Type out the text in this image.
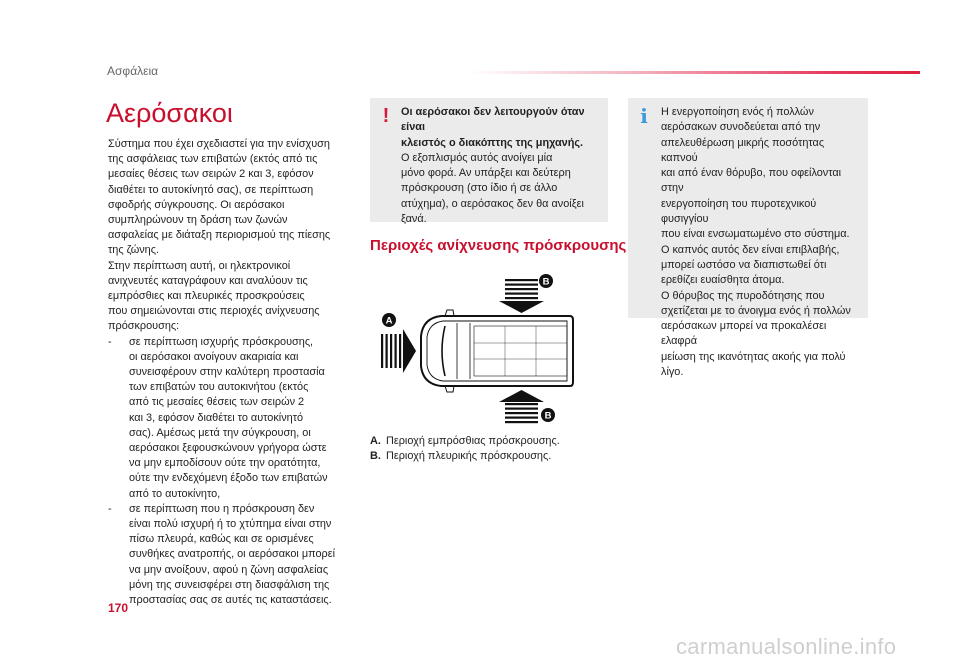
Ασφάλεια
Αερόσακοι

Σύστημα που έχει σχεδιαστεί για την ενίσχυση
της ασφάλειας των επιβατών (εκτός από τις
μεσαίες θέσεις των σειρών 2 και 3, εφόσον
διαθέτει το αυτοκίνητό σας), σε περίπτωση
σφοδρής σύγκρουσης. Οι αερόσακοι
συμπληρώνουν τη δράση των ζωνών
ασφαλείας με διάταξη περιορισμού της πίεσης
της ζώνης.
Στην περίπτωση αυτή, οι ηλεκτρονικοί
ανιχνευτές καταγράφουν και αναλύουν τις
εμπρόσθιες και πλευρικές προσκρούσεις
που σημειώνονται στις περιοχές ανίχνευσης
πρόσκρουσης:

- σε περίπτωση ισχυρής πρόσκρουσης,
οι αερόσακοι ανοίγουν ακαριαία και
συνεισφέρουν στην καλύτερη προστασία
των επιβατών του αυτοκινήτου (εκτός
από τις μεσαίες θέσεις των σειρών 2
και 3, εφόσον διαθέτει το αυτοκίνητό
σας). Αμέσως μετά την σύγκρουση, οι
αερόσακοι ξεφουσκώνουν γρήγορα ώστε
να μην εμποδίσουν ούτε την ορατότητα,
ούτε την ενδεχόμενη έξοδο των επιβατών
από το αυτοκίνητο,
- σε περίπτωση που η πρόσκρουση δεν
είναι πολύ ισχυρή ή το χτύπημα είναι στην
πίσω πλευρά, καθώς και σε ορισμένες
συνθήκες ανατροπής, οι αερόσακοι μπορεί
να μην ανοίξουν, αφού η ζώνη ασφαλείας
μόνη της συνεισφέρει στη διασφάλιση της
προστασίας σας σε αυτές τις καταστάσεις.
! Οι αερόσακοι δεν λειτουργούν όταν είναι
κλειστός ο διακόπτης της μηχανής.
Ο εξοπλισμός αυτός ανοίγει μία
μόνο φορά. Αν υπάρξει και δεύτερη
πρόσκρουση (στο ίδιο ή σε άλλο
ατύχημα), ο αερόσακος δεν θα ανοίξει
ξανά.
Περιοχές ανίχνευσης πρόσκρουσης
B
A
B
A. Περιοχή εμπρόσθιας πρόσκρουσης.
B. Περιοχή πλευρικής πρόσκρουσης.
i Η ενεργοποίηση ενός ή πολλών
αερόσακων συνοδεύεται από την
απελευθέρωση μικρής ποσότητας καπνού
και από έναν θόρυβο, που οφείλονται στην
ενεργοποίηση του πυροτεχνικού φυσιγγίου
που είναι ενσωματωμένο στο σύστημα.
Ο καπνός αυτός δεν είναι επιβλαβής,
μπορεί ωστόσο να διαπιστωθεί ότι
ερεθίζει ευαίσθητα άτομα.
Ο θόρυβος της πυροδότησης που
σχετίζεται με το άνοιγμα ενός ή πολλών
αερόσακων μπορεί να προκαλέσει ελαφρά
μείωση της ικανότητας ακοής για πολύ
λίγο.

170
carmanualsonline.info
